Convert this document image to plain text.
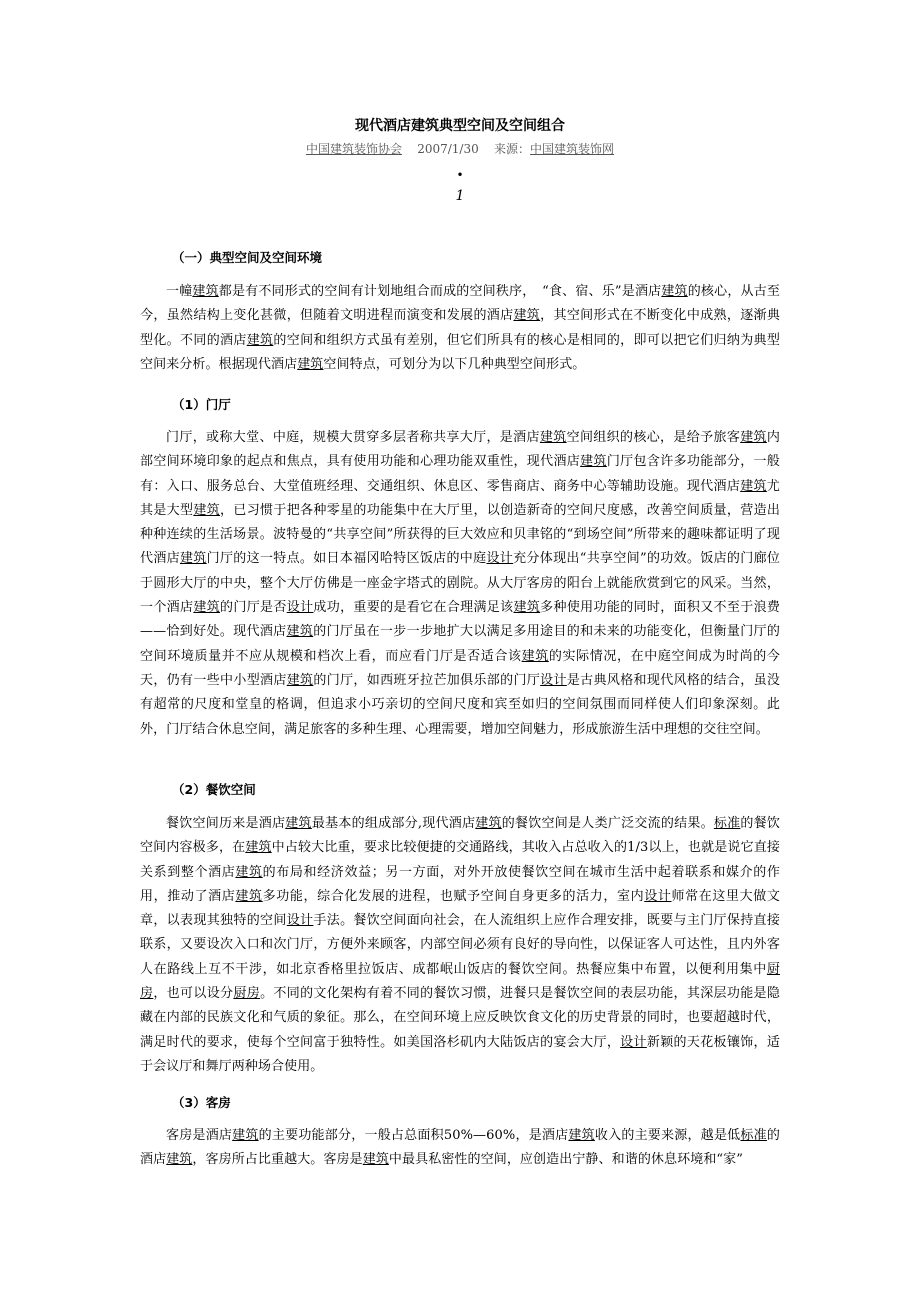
现代酒店建筑典型空间及空间组合
中国建筑装饰协会 2007/1/30 来源：中国建筑装饰网
•
1
（一）典型空间及空间环境
一幢建筑都是有不同形式的空间有计划地组合而成的空间秩序，　“食、宿、乐”是酒店建筑的核心，从古至今，虽然结构上变化甚微，但随着文明进程而演变和发展的酒店建筑，其空间形式在不断变化中成熟，逐渐典型化。不同的酒店建筑的空间和组织方式虽有差别，但它们所具有的核心是相同的，即可以把它们归纳为典型空间来分析。根据现代酒店建筑空间特点，可划分为以下几种典型空间形式。
（1）门厅
门厅，或称大堂、中庭，规模大贯穿多层者称共享大厅，是酒店建筑空间组织的核心，是给予旅客建筑内部空间环境印象的起点和焦点，具有使用功能和心理功能双重性，现代酒店建筑门厅包含许多功能部分，一般有：入口、服务总台、大堂值班经理、交通组织、休息区、零售商店、商务中心等辅助设施。现代酒店建筑尤其是大型建筑，已习惯于把各种零星的功能集中在大厅里，以创造新奇的空间尺度感，改善空间质量，营造出种种连续的生活场景。波特曼的“共享空间”所获得的巨大效应和贝聿铭的“到场空间”所带来的趣味都证明了现代酒店建筑门厅的这一特点。如日本福冈哈特区饭店的中庭设计充分体现出“共享空间”的功效。饭店的门廊位于圆形大厅的中央，整个大厅仿佛是一座金字塔式的剧院。从大厅客房的阳台上就能欣赏到它的风采。当然，一个酒店建筑的门厅是否设计成功，重要的是看它在合理满足该建筑多种使用功能的同时，面积又不至于浪费——恰到好处。现代酒店建筑的门厅虽在一步一步地扩大以满足多用途目的和未来的功能变化，但衡量门厅的空间环境质量并不应从规模和档次上看，而应看门厅是否适合该建筑的实际情况，在中庭空间成为时尚的今天，仍有一些中小型酒店建筑的门厅，如西班牙拉芒加俱乐部的门厅设计是古典风格和现代风格的结合，虽没有超常的尺度和堂皇的格调，但追求小巧亲切的空间尺度和宾至如归的空间氛围而同样使人们印象深刻。此外，门厅结合休息空间，满足旅客的多种生理、心理需要，增加空间魅力，形成旅游生活中理想的交往空间。
（2）餐饮空间
餐饮空间历来是酒店建筑最基本的组成部分,现代酒店建筑的餐饮空间是人类广泛交流的结果。标准的餐饮空间内容极多，在建筑中占较大比重，要求比较便捷的交通路线，其收入占总收入的1/3以上，也就是说它直接关系到整个酒店建筑的布局和经济效益；另一方面，对外开放使餐饮空间在城市生活中起着联系和媒介的作用，推动了酒店建筑多功能，综合化发展的进程，也赋予空间自身更多的活力，室内设计师常在这里大做文章，以表现其独特的空间设计手法。餐饮空间面向社会，在人流组织上应作合理安排，既要与主门厅保持直接联系，又要设次入口和次门厅，方便外来顾客，内部空间必须有良好的导向性，以保证客人可达性，且内外客人在路线上互不干涉，如北京香格里拉饭店、成都岷山饭店的餐饮空间。热餐应集中布置，以便利用集中厨房，也可以设分厨房。不同的文化架构有着不同的餐饮习惯，进餐只是餐饮空间的表层功能，其深层功能是隐藏在内部的民族文化和气质的象征。那么，在空间环境上应反映饮食文化的历史背景的同时，也要超越时代，满足时代的要求，使每个空间富于独特性。如美国洛杉矶内大陆饭店的宴会大厅，设计新颖的天花板镶饰，适于会议厅和舞厅两种场合使用。
（3）客房
客房是酒店建筑的主要功能部分，一般占总面积50%—60%，是酒店建筑收入的主要来源，越是低标准的酒店建筑，客房所占比重越大。客房是建筑中最具私密性的空间，应创造出宁静、和谐的休息环境和“家”
